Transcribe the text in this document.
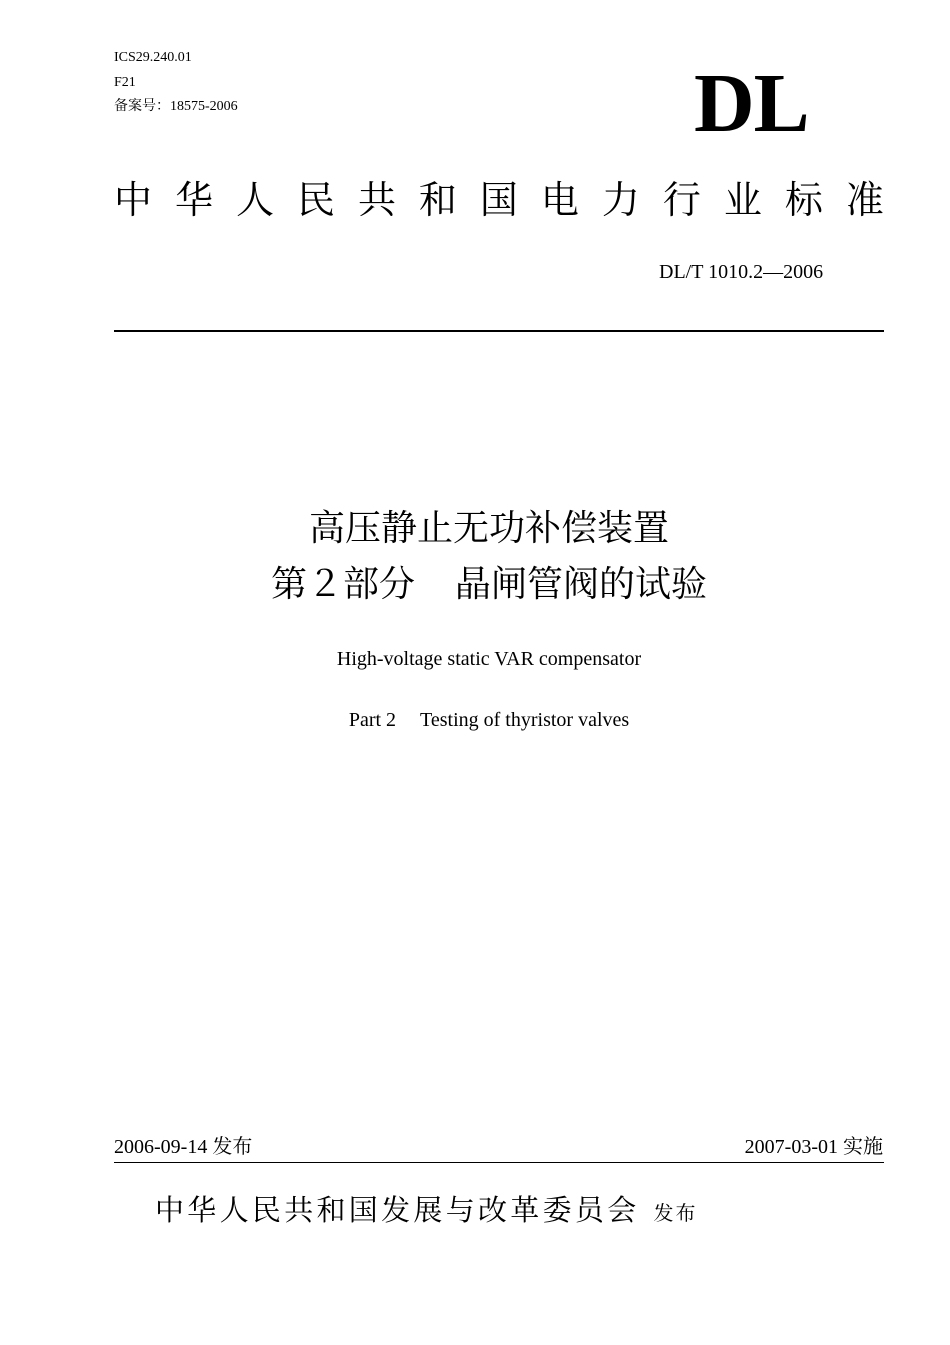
ICS29.240.01
F21
备案号：18575-2006	DL
中 华 人 民 共 和 国 电 力 行 业 标 准
DL/T 1010.2—2006
高压静止无功补偿装置
第２部分 晶闸管阀的试验
High-voltage static VAR compensator
Part 2 Testing of thyristor valves
2006-09-14 发布	2007-03-01 实施
中华人民共和国发展与改革委员会 发布
